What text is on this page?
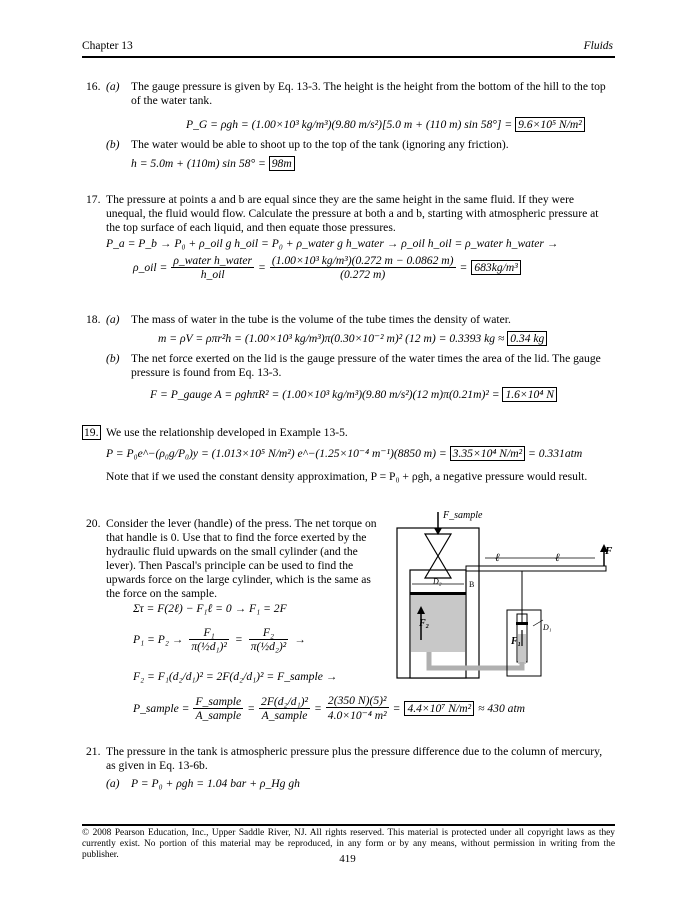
Chapter 13	Fluids
16. (a) The gauge pressure is given by Eq. 13-3. The height is the height from the bottom of the hill to the top of the water tank.
P_G = ρgh = (1.00×10³ kg/m³)(9.80 m/s²)[5.0 m + (110 m) sin 58°] = 9.6×10⁵ N/m²
(b) The water would be able to shoot up to the top of the tank (ignoring any friction).
h = 5.0m + (110m) sin 58° = 98m
17. The pressure at points a and b are equal since they are the same height in the same fluid. If they were unequal, the fluid would flow. Calculate the pressure at both a and b, starting with atmospheric pressure at the top surface of each liquid, and then equate those pressures.
P_a = P_b → P₀ + ρ_oil g h_oil = P₀ + ρ_water g h_water → ρ_oil h_oil = ρ_water h_water →
ρ_oil = $\frac{\text{ρ\_water h\_water}}{\text{h\_oil}} = \frac{\text{(1.00×10³ kg/m³)(0.272 m − 0.0862 m)}}{(0.272 m)} = 683kg/m^3$
18. (a) The mass of water in the tube is the volume of the tube times the density of water.
m = ρV = ρπr²h = (1.00×10³ kg/m³)π(0.30×10⁻² m)² (12 m) = 0.3393 kg ≈ 0.34 kg
(b) The net force exerted on the lid is the gauge pressure of the water times the area of the lid. The gauge pressure is found from Eq. 13-3.
F = P_gauge A = ρghπR² = (1.00×10³ kg/m³)(9.80 m/s²)(12 m)π(0.21m)² = 1.6×10⁴ N
19. We use the relationship developed in Example 13-5.
P = P₀e^−(ρ₀g/P₀)y = (1.013×10⁵ N/m²) e^−(1.25×10⁻⁴ m⁻¹)(8850 m) = 3.35×10⁴ N/m² = 0.331atm
Note that if we used the constant density approximation, P = P₀ + ρgh, a negative pressure would result.
20. Consider the lever (handle) of the press. The net torque on that handle is 0. Use that to find the force exerted by the hydraulic fluid upwards on the small cylinder (and the lever). Then Pascal's principle can be used to find the upwards force on the large cylinder, which is the same as the force on the sample.
Στ = F(2ℓ) − F₁ℓ = 0 → F₁ = 2F
$P_1 = P_2 \to \frac{\text{F₁}}{\text{π(½d₁)²}} = \frac{\text{F₂}}{\text{π(½d₂)²}}$ →
F₂ = F₁(d₂/d₁)² = 2F(d₂/d₁)² = F_sample →
P_sample = $\frac{\text{F\_sample}}{\text{A\_sample}} = \frac{\text{2F(d₂/d₁)²}}{\text{A\_sample}} = \frac{\text{2(350 N)(5)²}}{\text{4.0×10⁻⁴ m²}} = 4.4\times 10^7$ N/m² ≈ 430 atm
F_sample
F
ℓ	ℓ
D₂	B
F₂
F₁
D₁
21. The pressure in the tank is atmospheric pressure plus the pressure difference due to the column of mercury, as given in Eq. 13-6b.
(a) P = P₀ + ρgh = 1.04 bar + ρ_Hg gh
© 2008 Pearson Education, Inc., Upper Saddle River, NJ. All rights reserved. This material is protected under all copyright laws as they currently exist. No portion of this material may be reproduced, in any form or by any means, without permission in writing from the publisher.	419
